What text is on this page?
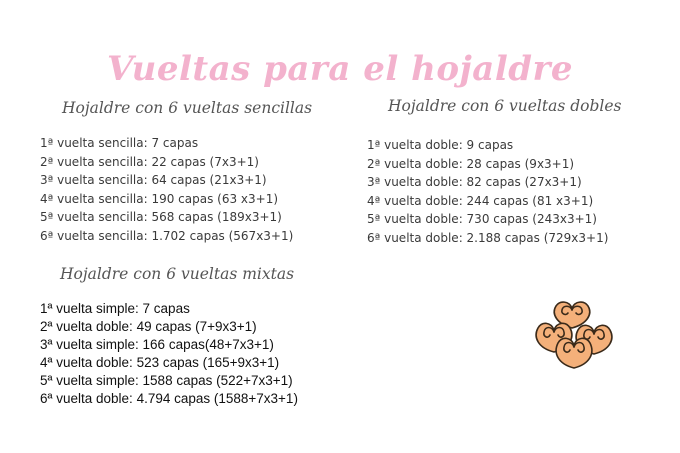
Vueltas para el hojaldre
Hojaldre con 6 vueltas sencillas
1ª vuelta sencilla: 7 capas
2ª vuelta sencilla: 22 capas (7x3+1)
3ª vuelta sencilla: 64 capas (21x3+1)
4ª vuelta sencilla: 190 capas (63 x3+1)
5ª vuelta sencilla: 568 capas (189x3+1)
6ª vuelta sencilla: 1.702 capas (567x3+1)
Hojaldre con 6 vueltas dobles
1ª vuelta doble: 9 capas
2ª vuelta doble: 28 capas (9x3+1)
3ª vuelta doble: 82 capas (27x3+1)
4ª vuelta doble: 244 capas (81 x3+1)
5ª vuelta doble: 730 capas (243x3+1)
6ª vuelta doble: 2.188 capas (729x3+1)
Hojaldre con 6 vueltas mixtas
1ª vuelta simple: 7 capas
2ª vuelta doble: 49 capas (7+9x3+1)
3ª vuelta simple: 166 capas(48+7x3+1)
4ª vuelta doble: 523 capas (165+9x3+1)
5ª vuelta simple: 1588 capas (522+7x3+1)
6ª vuelta doble: 4.794 capas (1588+7x3+1)
